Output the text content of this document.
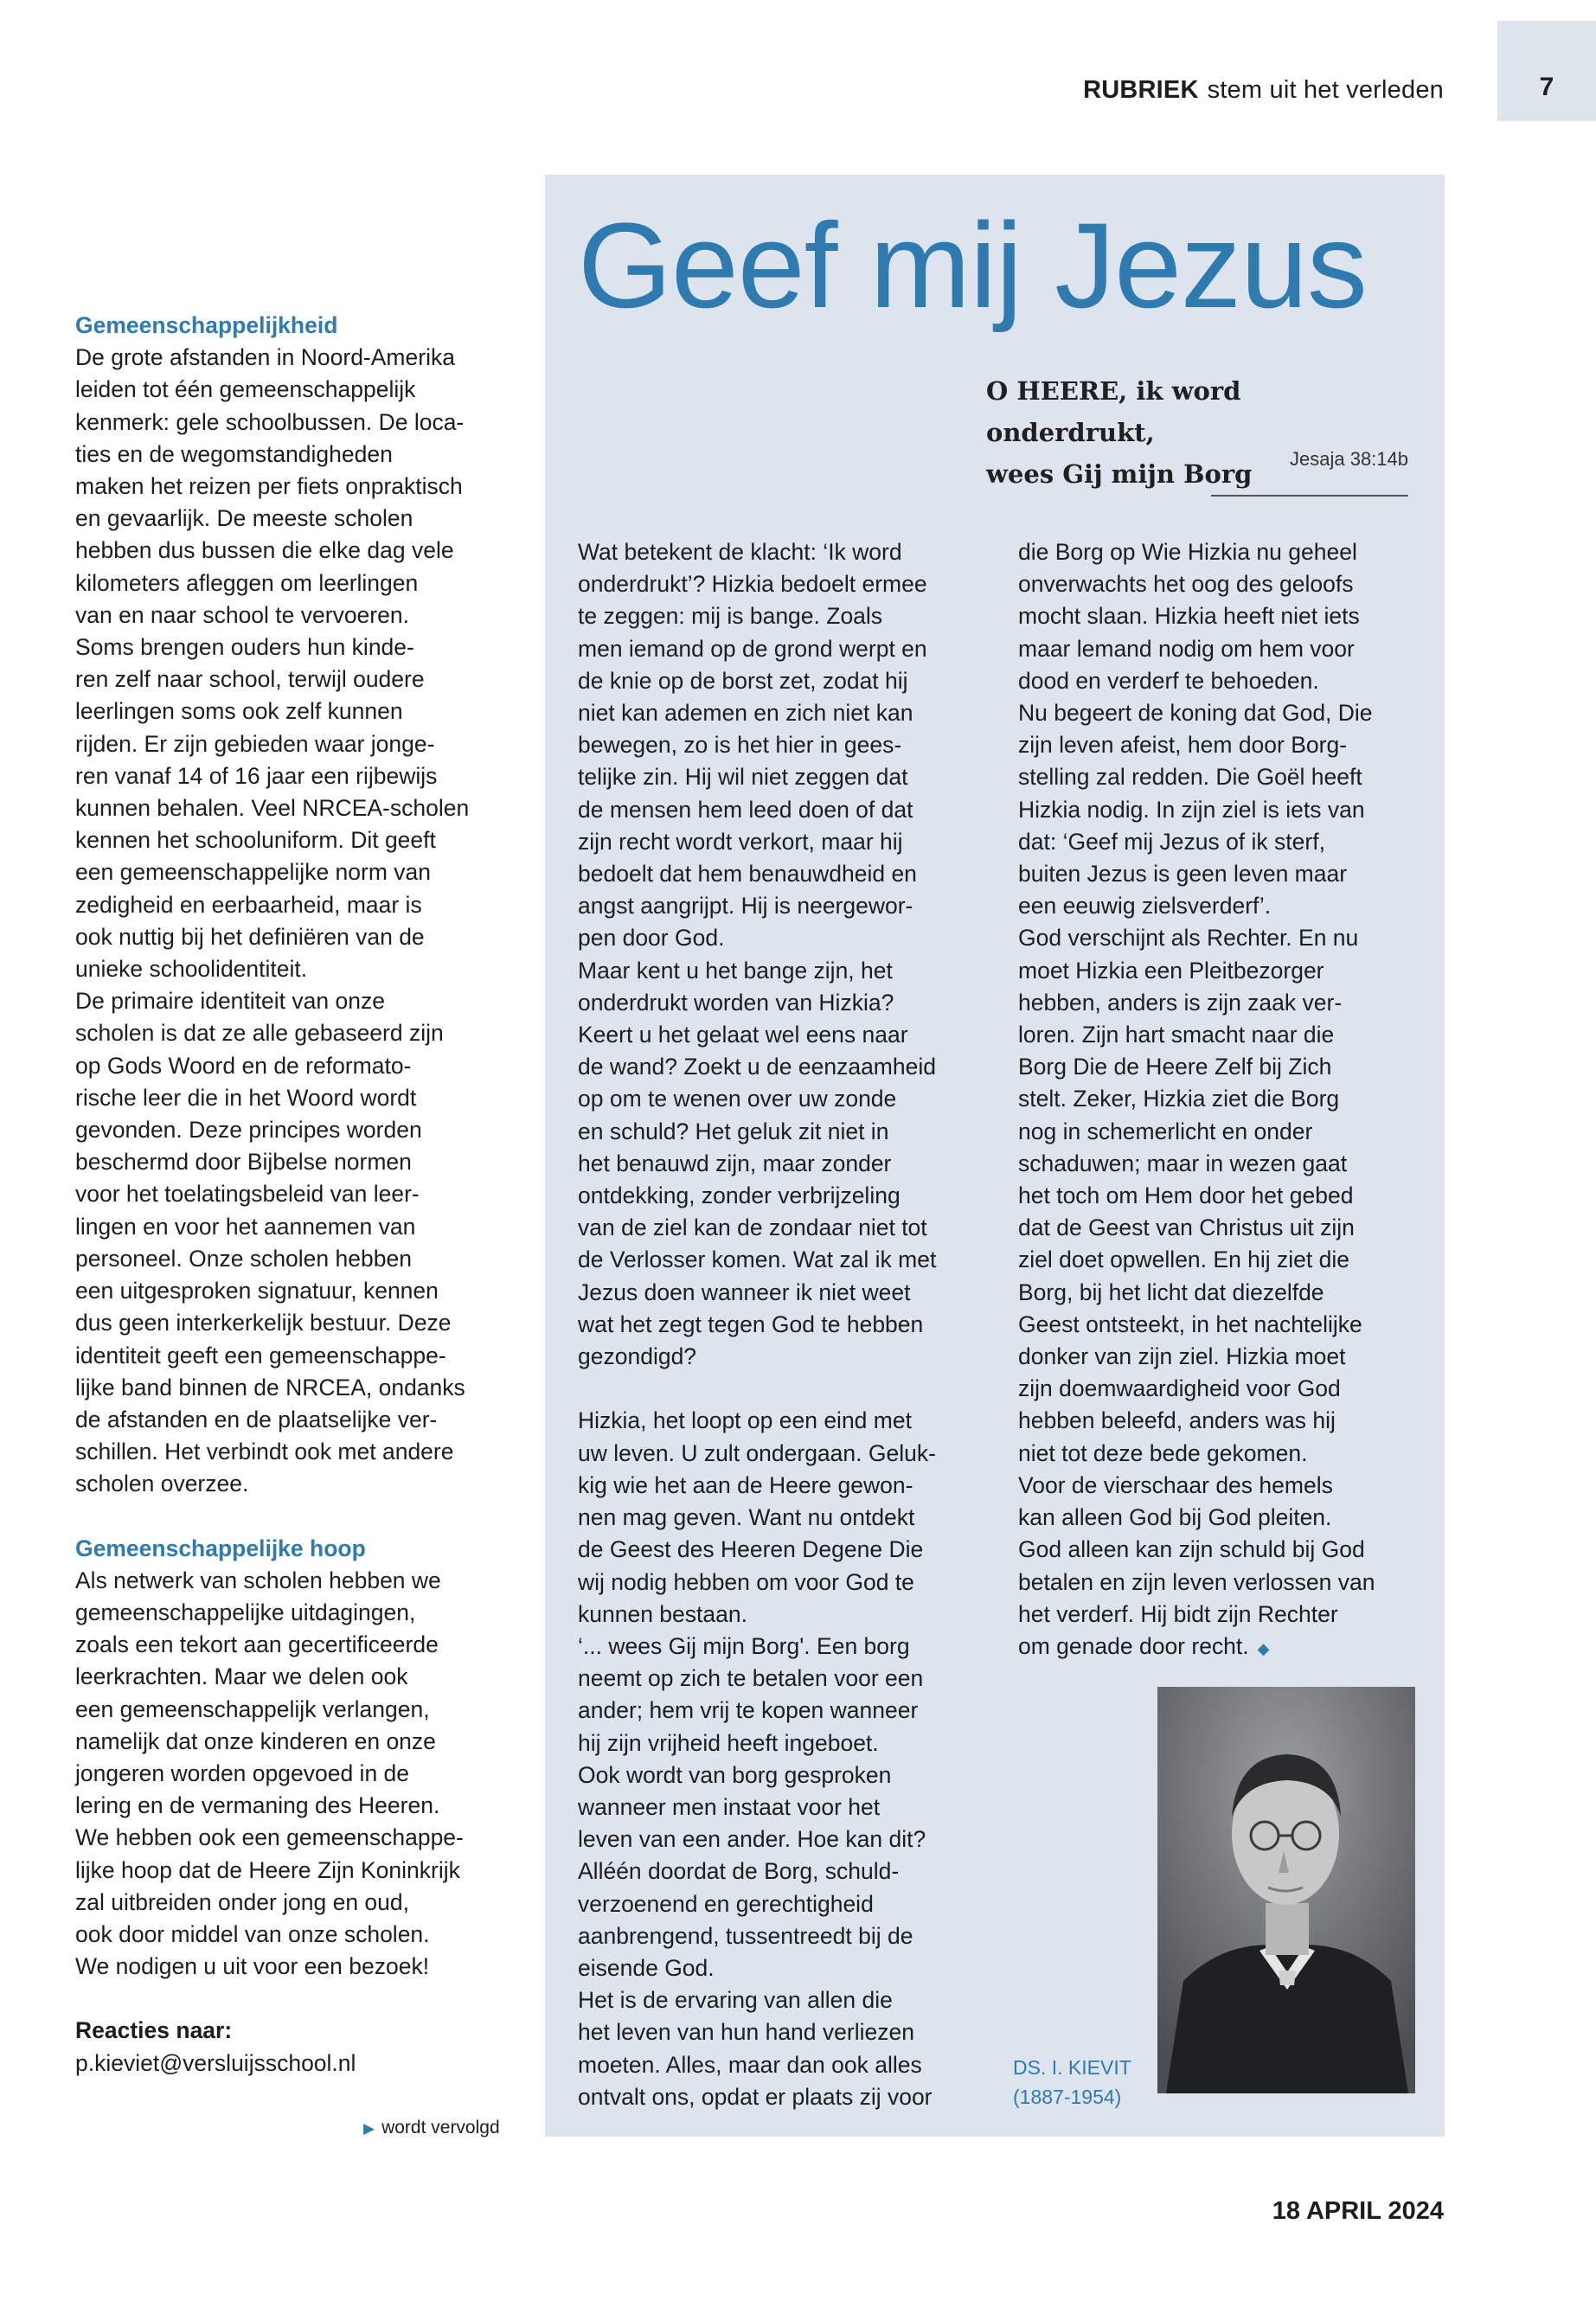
7
RUBRIEK stem uit het verleden

Gemeenschappelijkheid

De grote afstanden in Noord-Amerika

leiden tot één gemeenschappelijk

kenmerk: gele schoolbussen. De loca-

ties en de wegomstandigheden

maken het reizen per fiets onpraktisch

en gevaarlijk. De meeste scholen

hebben dus bussen die elke dag vele

kilometers afleggen om leerlingen

van en naar school te vervoeren.

Soms brengen ouders hun kinde-

ren zelf naar school, terwijl oudere

leerlingen soms ook zelf kunnen

rijden. Er zijn gebieden waar jonge-

ren vanaf 14 of 16 jaar een rijbewijs

kunnen behalen. Veel NRCEA-scholen

kennen het schooluniform. Dit geeft

een gemeenschappelijke norm van

zedigheid en eerbaarheid, maar is

ook nuttig bij het definiëren van de

unieke schoolidentiteit.

De primaire identiteit van onze

scholen is dat ze alle gebaseerd zijn

op Gods Woord en de reformato-

rische leer die in het Woord wordt

gevonden. Deze principes worden

beschermd door Bijbelse normen

voor het toelatingsbeleid van leer-

lingen en voor het aannemen van

personeel. Onze scholen hebben

een uitgesproken signatuur, kennen

dus geen interkerkelijk bestuur. Deze

identiteit geeft een gemeenschappe-

lijke band binnen de NRCEA, ondanks

de afstanden en de plaatselijke ver-

schillen. Het verbindt ook met andere

scholen overzee.

Gemeenschappelijke hoop

Als netwerk van scholen hebben we

gemeenschappelijke uitdagingen,

zoals een tekort aan gecertificeerde

leerkrachten. Maar we delen ook

een gemeenschappelijk verlangen,

namelijk dat onze kinderen en onze

jongeren worden opgevoed in de

lering en de vermaning des Heeren.

We hebben ook een gemeenschappe-

lijke hoop dat de Heere Zijn Koninkrijk

zal uitbreiden onder jong en oud,

ook door middel van onze scholen.

We nodigen u uit voor een bezoek!

Reacties naar:

p.kieviet@versluijsschool.nl

▶ wordt vervolgd
Geef mij Jezus

O HEERE, ik word onderdrukt,

wees Gij mijn Borg

Jesaja 38:14b

Wat betekent de klacht: ‘Ik word

onderdrukt’? Hizkia bedoelt ermee

te zeggen: mij is bange. Zoals

men iemand op de grond werpt en

de knie op de borst zet, zodat hij

niet kan ademen en zich niet kan

bewegen, zo is het hier in gees-

telijke zin. Hij wil niet zeggen dat

de mensen hem leed doen of dat

zijn recht wordt verkort, maar hij

bedoelt dat hem benauwdheid en

angst aangrijpt. Hij is neergewor-

pen door God.

Maar kent u het bange zijn, het

onderdrukt worden van Hizkia?

Keert u het gelaat wel eens naar

de wand? Zoekt u de eenzaamheid

op om te wenen over uw zonde

en schuld? Het geluk zit niet in

het benauwd zijn, maar zonder

ontdekking, zonder verbrijzeling

van de ziel kan de zondaar niet tot

de Verlosser komen. Wat zal ik met

Jezus doen wanneer ik niet weet

wat het zegt tegen God te hebben

gezondigd?

Hizkia, het loopt op een eind met

uw leven. U zult ondergaan. Geluk-

kig wie het aan de Heere gewon-

nen mag geven. Want nu ontdekt

de Geest des Heeren Degene Die

wij nodig hebben om voor God te

kunnen bestaan.

‘... wees Gij mijn Borg'. Een borg

neemt op zich te betalen voor een

ander; hem vrij te kopen wanneer

hij zijn vrijheid heeft ingeboet.

Ook wordt van borg gesproken

wanneer men instaat voor het

leven van een ander. Hoe kan dit?

Alléén doordat de Borg, schuld-

verzoenend en gerechtigheid

aanbrengend, tussentreedt bij de

eisende God.

Het is de ervaring van allen die

het leven van hun hand verliezen

moeten. Alles, maar dan ook alles

ontvalt ons, opdat er plaats zij voor

die Borg op Wie Hizkia nu geheel

onverwachts het oog des geloofs

mocht slaan. Hizkia heeft niet iets

maar lemand nodig om hem voor

dood en verderf te behoeden.

Nu begeert de koning dat God, Die

zijn leven afeist, hem door Borg-

stelling zal redden. Die Goël heeft

Hizkia nodig. In zijn ziel is iets van

dat: ‘Geef mij Jezus of ik sterf,

buiten Jezus is geen leven maar

een eeuwig zielsverderf’.

God verschijnt als Rechter. En nu

moet Hizkia een Pleitbezorger

hebben, anders is zijn zaak ver-

loren. Zijn hart smacht naar die

Borg Die de Heere Zelf bij Zich

stelt. Zeker, Hizkia ziet die Borg

nog in schemerlicht en onder

schaduwen; maar in wezen gaat

het toch om Hem door het gebed

dat de Geest van Christus uit zijn

ziel doet opwellen. En hij ziet die

Borg, bij het licht dat diezelfde

Geest ontsteekt, in het nachtelijke

donker van zijn ziel. Hizkia moet

zijn doemwaardigheid voor God

hebben beleefd, anders was hij

niet tot deze bede gekomen.

Voor de vierschaar des hemels

kan alleen God bij God pleiten.

God alleen kan zijn schuld bij God

betalen en zijn leven verlossen van

het verderf. Hij bidt zijn Rechter

om genade door recht. ◆

DS. I. KIEVIT

(1887-1954)

18 APRIL 2024
